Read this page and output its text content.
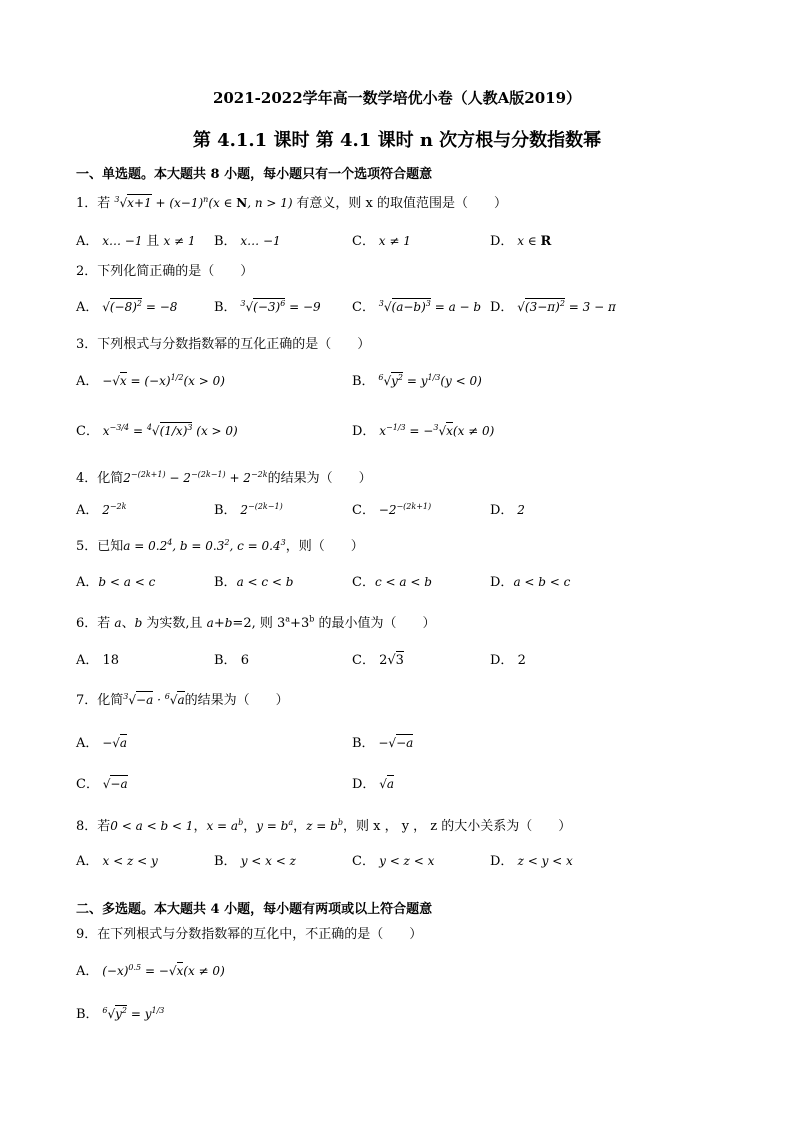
2021-2022学年高一数学培优小卷（人教A版2019）
第 4.1.1 课时 第 4.1 课时 n 次方根与分数指数幂
一、单选题。本大题共 8 小题，每小题只有一个选项符合题意
1．若 $^3√x+1 + (x-1)^n(x$ ∈ N, n > 1) 有意义，则 x 的取值范围是（　　）
A． x… −1 且 x ≠ 1 B． x… −1	C． x ≠ 1	D． x ∈ R
2．下列化简正确的是（　　）
A． $√(-8)^2 = -8$	B． $^3√(-3)^6 = -9$ C． $^3√(a-b)^3 = a - b$ D． $√(3-\pi)^2 = 3 - \pi$
3．下列根式与分数指数幂的互化正确的是（　　）
A． $-√x = (-x)^{1/2}(x > 0)$	B． $^6√y^2 = y^{1/3}(y < 0)$
C． $x^{-3/4} = ^4√(1/x)^3$ (x > 0)	D． $x^{-1/3} = -^3√x(x \ne 0)$
4．化简$2^{-(2k+1)} - 2^{-(2k-1)} + 2^{-2k}$的结果为（　　）
A． $2^{-2k}$	B． $2^{-(2k-1)}$	C． $-2^{-(2k+1)}$	D． 2
5．已知$a = 0.2^4$, $b = 0.3^2$, $c = 0.4^3$，则（　　）
A．b < a < c	B．a < c < b	C．c < a < b	D．a < b < c
6．若 a、b 为实数,且 a+b=2, 则 $3^a+3^b$ 的最小值为（　　）
A． 18	B． 6	C． 2√3	D． 2
7．化简$^3$√−a · $^6$√a的结果为（　　）
A． −√a	B． −√−a
C． √−a	D． √a
8．若0 < a < b < 1，$x = a^b$，$y = b^a$，$z = b^b$，则 x ， y ， z 的大小关系为（　　）
A． x < z < y	B． y < x < z	C． y < z < x	D． z < y < x
二、多选题。本大题共 4 小题，每小题有两项或以上符合题意
9．在下列根式与分数指数幂的互化中，不正确的是（　　）
A． $(-x)^{0.5} = -√x(x \ne 0)$
B． $^6√y^2 = y^{1/3}$
